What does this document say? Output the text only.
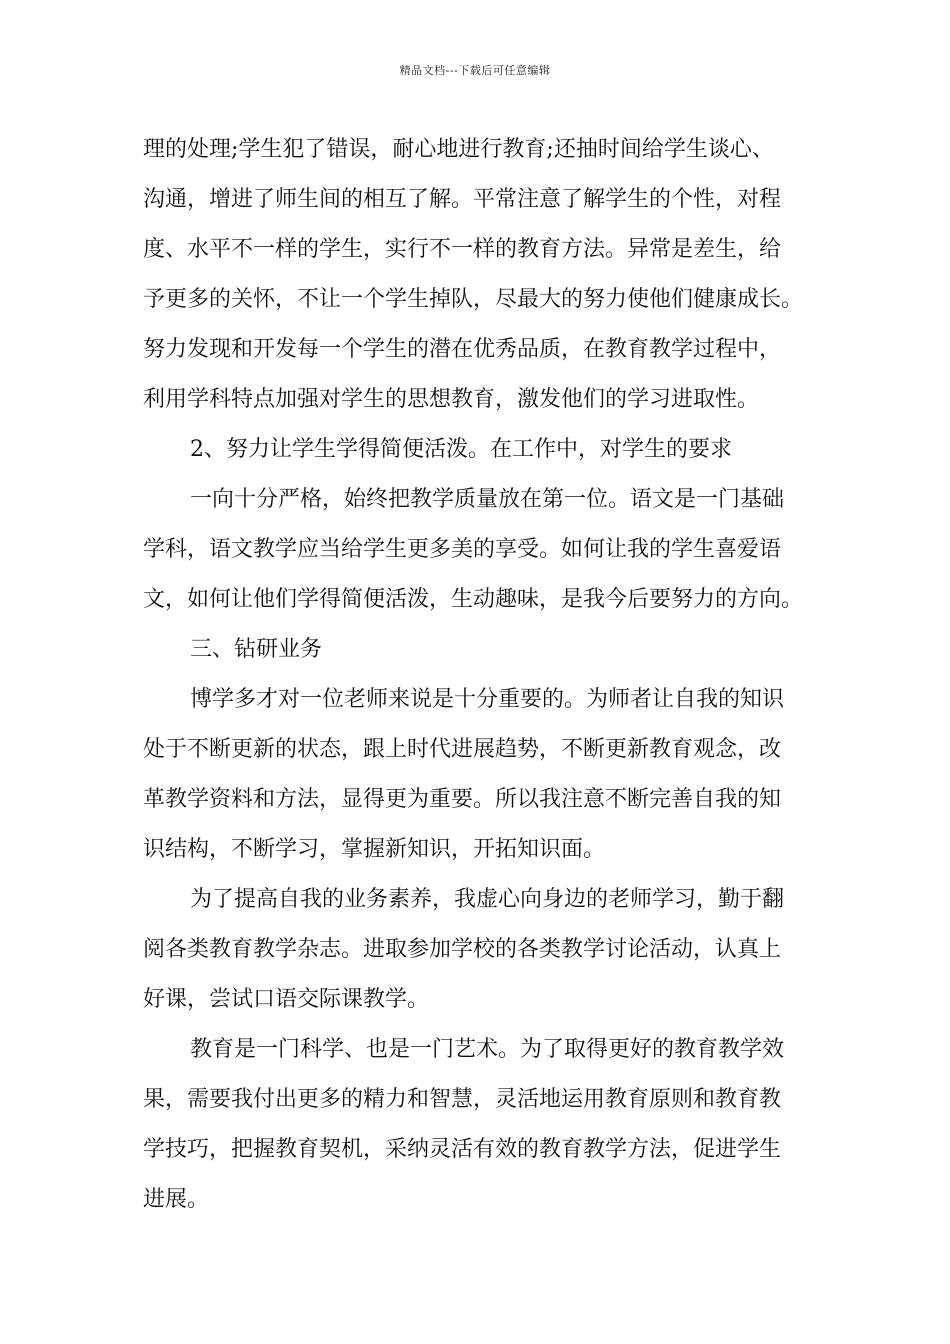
精品文档---下载后可任意编辑
理的处理;学生犯了错误，耐心地进行教育;还抽时间给学生谈心、
沟通，增进了师生间的相互了解。平常注意了解学生的个性，对程
度、水平不一样的学生，实行不一样的教育方法。异常是差生，给
予更多的关怀，不让一个学生掉队，尽最大的努力使他们健康成长。
努力发现和开发每一个学生的潜在优秀品质，在教育教学过程中，
利用学科特点加强对学生的思想教育，激发他们的学习进取性。
2、努力让学生学得简便活泼。在工作中，对学生的要求
一向十分严格，始终把教学质量放在第一位。语文是一门基础
学科，语文教学应当给学生更多美的享受。如何让我的学生喜爱语
文，如何让他们学得简便活泼，生动趣味，是我今后要努力的方向。
三、钻研业务
博学多才对一位老师来说是十分重要的。为师者让自我的知识
处于不断更新的状态，跟上时代进展趋势，不断更新教育观念，改
革教学资料和方法，显得更为重要。所以我注意不断完善自我的知
识结构，不断学习，掌握新知识，开拓知识面。
为了提高自我的业务素养，我虚心向身边的老师学习，勤于翻
阅各类教育教学杂志。进取参加学校的各类教学讨论活动，认真上
好课，尝试口语交际课教学。
教育是一门科学、也是一门艺术。为了取得更好的教育教学效
果，需要我付出更多的精力和智慧，灵活地运用教育原则和教育教
学技巧，把握教育契机，采纳灵活有效的教育教学方法，促进学生
进展。
